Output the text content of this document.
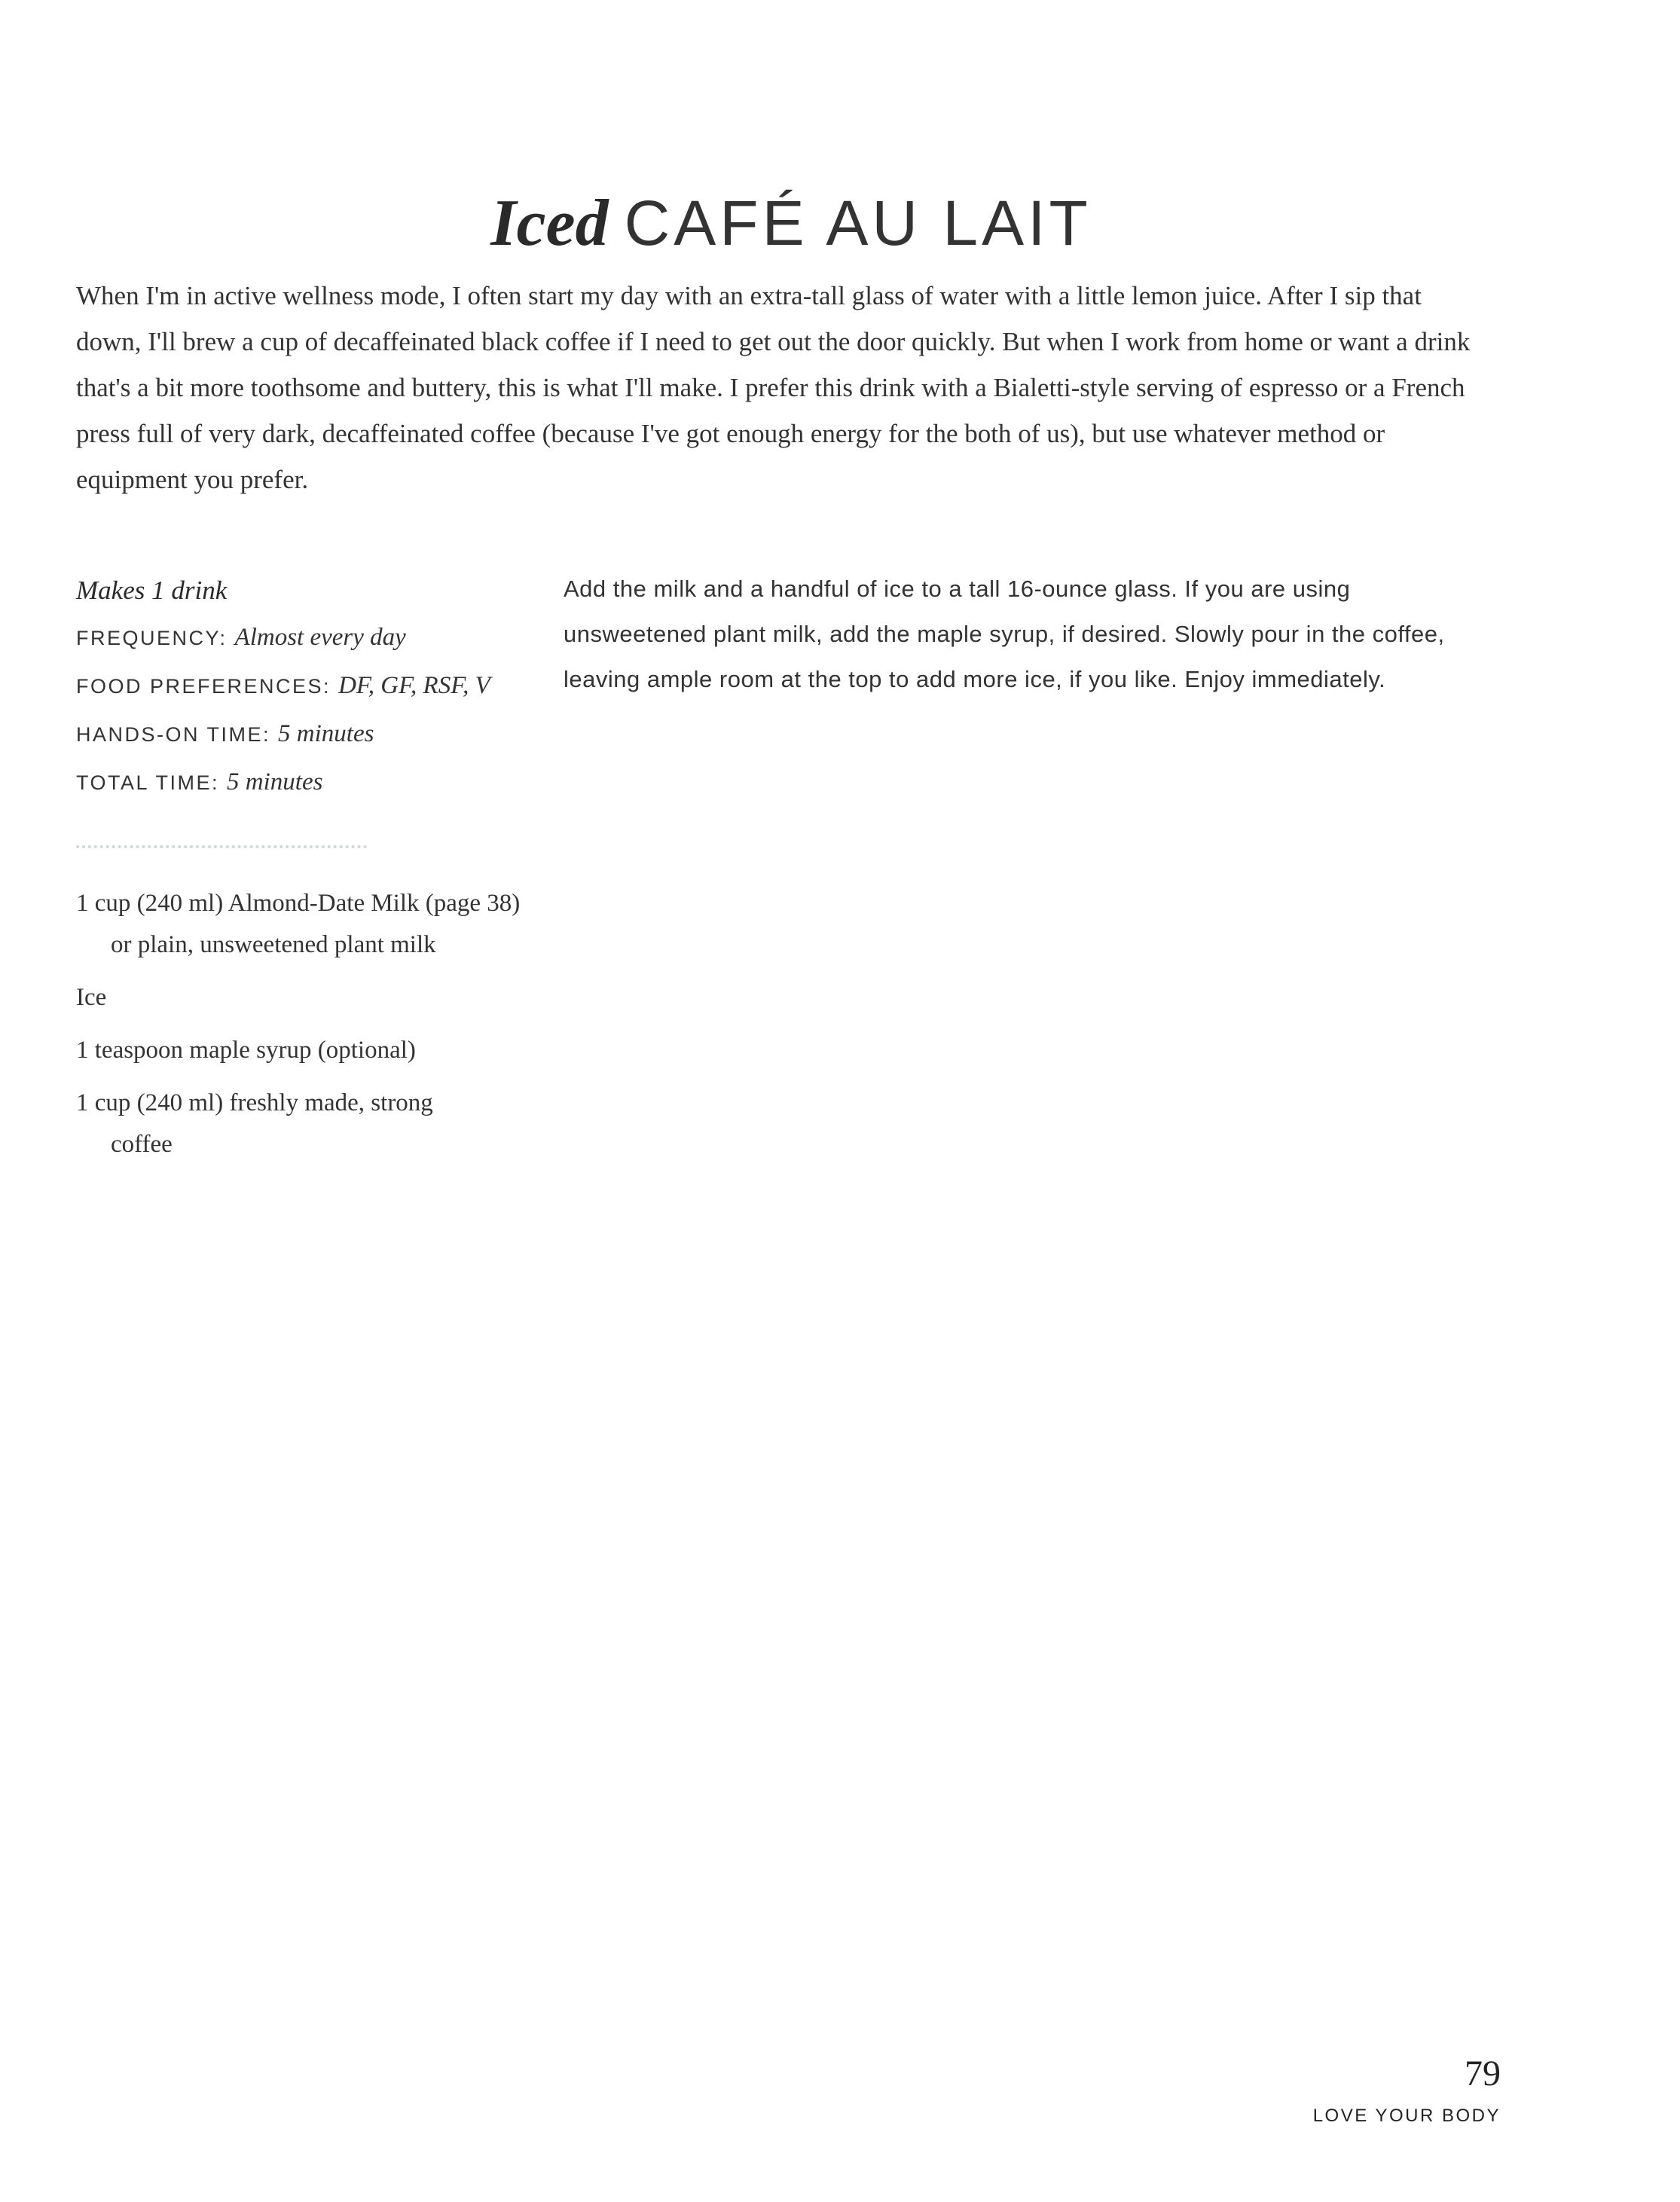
Iced CAFÉ AU LAIT

When I'm in active wellness mode, I often start my day with an extra-tall glass of water with a little lemon juice. After I sip that down, I'll brew a cup of decaffeinated black coffee if I need to get out the door quickly. But when I work from home or want a drink that's a bit more toothsome and buttery, this is what I'll make. I prefer this drink with a Bialetti-style serving of espresso or a French press full of very dark, decaffeinated coffee (because I've got enough energy for the both of us), but use whatever method or equipment you prefer.

Makes 1 drink
FREQUENCY: Almost every day
FOOD PREFERENCES: DF, GF, RSF, V
HANDS-ON TIME: 5 minutes
TOTAL TIME: 5 minutes
1 cup (240 ml) Almond-Date Milk (page 38) or plain, unsweetened plant milk
Ice
1 teaspoon maple syrup (optional)
1 cup (240 ml) freshly made, strong coffee

Add the milk and a handful of ice to a tall 16-ounce glass. If you are using unsweetened plant milk, add the maple syrup, if desired. Slowly pour in the coffee, leaving ample room at the top to add more ice, if you like. Enjoy immediately.

79
LOVE YOUR BODY
